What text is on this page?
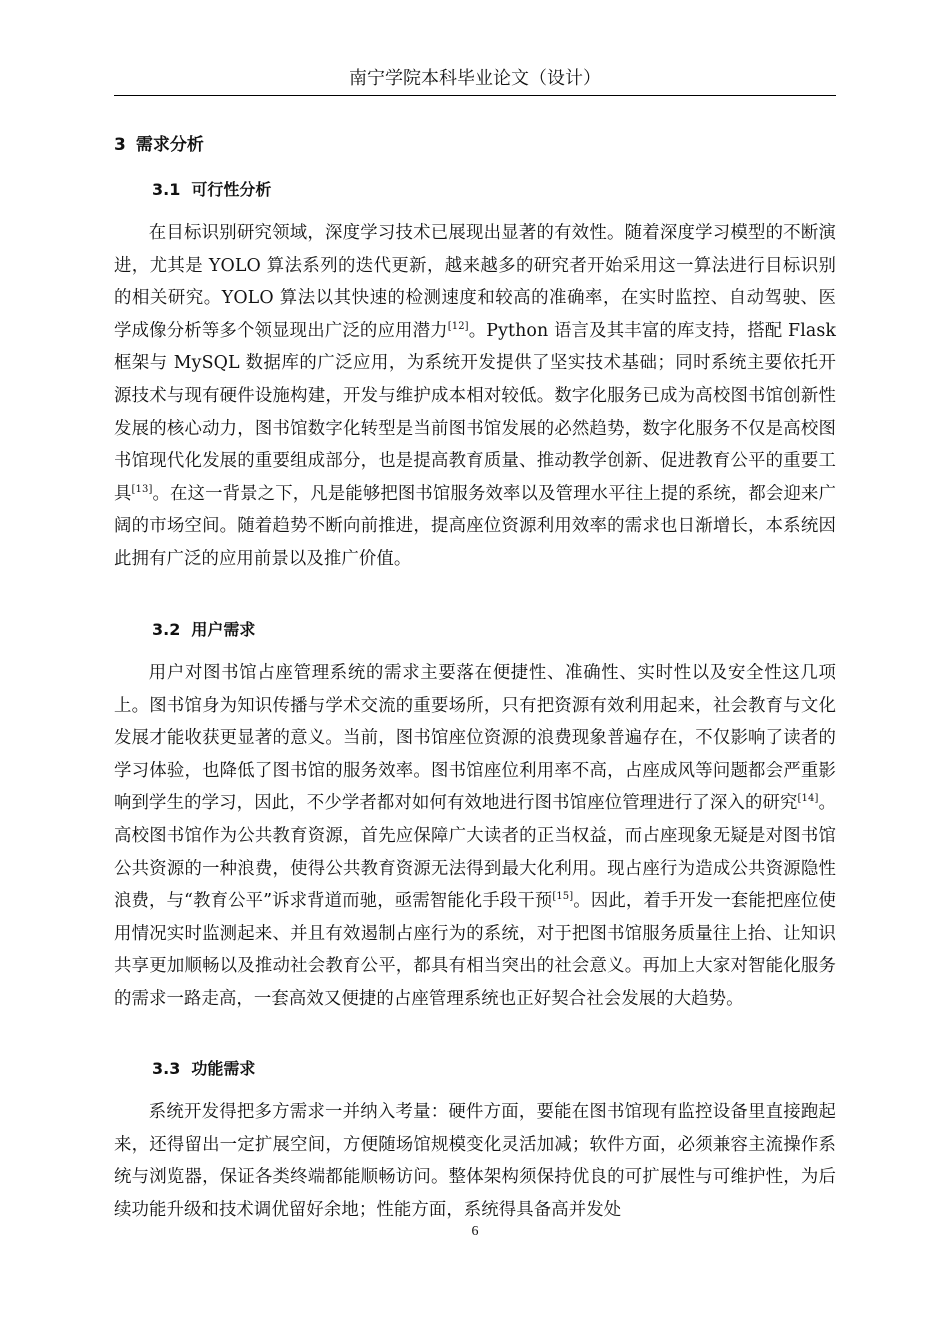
南宁学院本科毕业论文（设计）
3 需求分析
3.1 可行性分析

在目标识别研究领域，深度学习技术已展现出显著的有效性。随着深度学习模型的不断演进，尤其是 YOLO 算法系列的迭代更新，越来越多的研究者开始采用这一算法进行目标识别的相关研究。YOLO 算法以其快速的检测速度和较高的准确率，在实时监控、自动驾驶、医学成像分析等多个领显现出广泛的应用潜力[12]。Python 语言及其丰富的库支持，搭配 Flask 框架与 MySQL 数据库的广泛应用，为系统开发提供了坚实技术基础；同时系统主要依托开源技术与现有硬件设施构建，开发与维护成本相对较低。数字化服务已成为高校图书馆创新性发展的核心动力，图书馆数字化转型是当前图书馆发展的必然趋势，数字化服务不仅是高校图书馆现代化发展的重要组成部分，也是提高教育质量、推动教学创新、促进教育公平的重要工具[13]。在这一背景之下，凡是能够把图书馆服务效率以及管理水平往上提的系统，都会迎来广阔的市场空间。随着趋势不断向前推进，提高座位资源利用效率的需求也日渐增长，本系统因此拥有广泛的应用前景以及推广价值。

3.2 用户需求

用户对图书馆占座管理系统的需求主要落在便捷性、准确性、实时性以及安全性这几项上。图书馆身为知识传播与学术交流的重要场所，只有把资源有效利用起来，社会教育与文化发展才能收获更显著的意义。当前，图书馆座位资源的浪费现象普遍存在，不仅影响了读者的学习体验，也降低了图书馆的服务效率。图书馆座位利用率不高，占座成风等问题都会严重影响到学生的学习，因此，不少学者都对如何有效地进行图书馆座位管理进行了深入的研究[14]。高校图书馆作为公共教育资源，首先应保障广大读者的正当权益，而占座现象无疑是对图书馆公共资源的一种浪费，使得公共教育资源无法得到最大化利用。现占座行为造成公共资源隐性浪费，与“教育公平”诉求背道而驰，亟需智能化手段干预[15]。因此，着手开发一套能把座位使用情况实时监测起来、并且有效遏制占座行为的系统，对于把图书馆服务质量往上抬、让知识共享更加顺畅以及推动社会教育公平，都具有相当突出的社会意义。再加上大家对智能化服务的需求一路走高，一套高效又便捷的占座管理系统也正好契合社会发展的大趋势。

3.3 功能需求

系统开发得把多方需求一并纳入考量：硬件方面，要能在图书馆现有监控设备里直接跑起来，还得留出一定扩展空间，方便随场馆规模变化灵活加减；软件方面，必须兼容主流操作系统与浏览器，保证各类终端都能顺畅访问。整体架构须保持优良的可扩展性与可维护性，为后续功能升级和技术调优留好余地；性能方面，系统得具备高并发处

6
